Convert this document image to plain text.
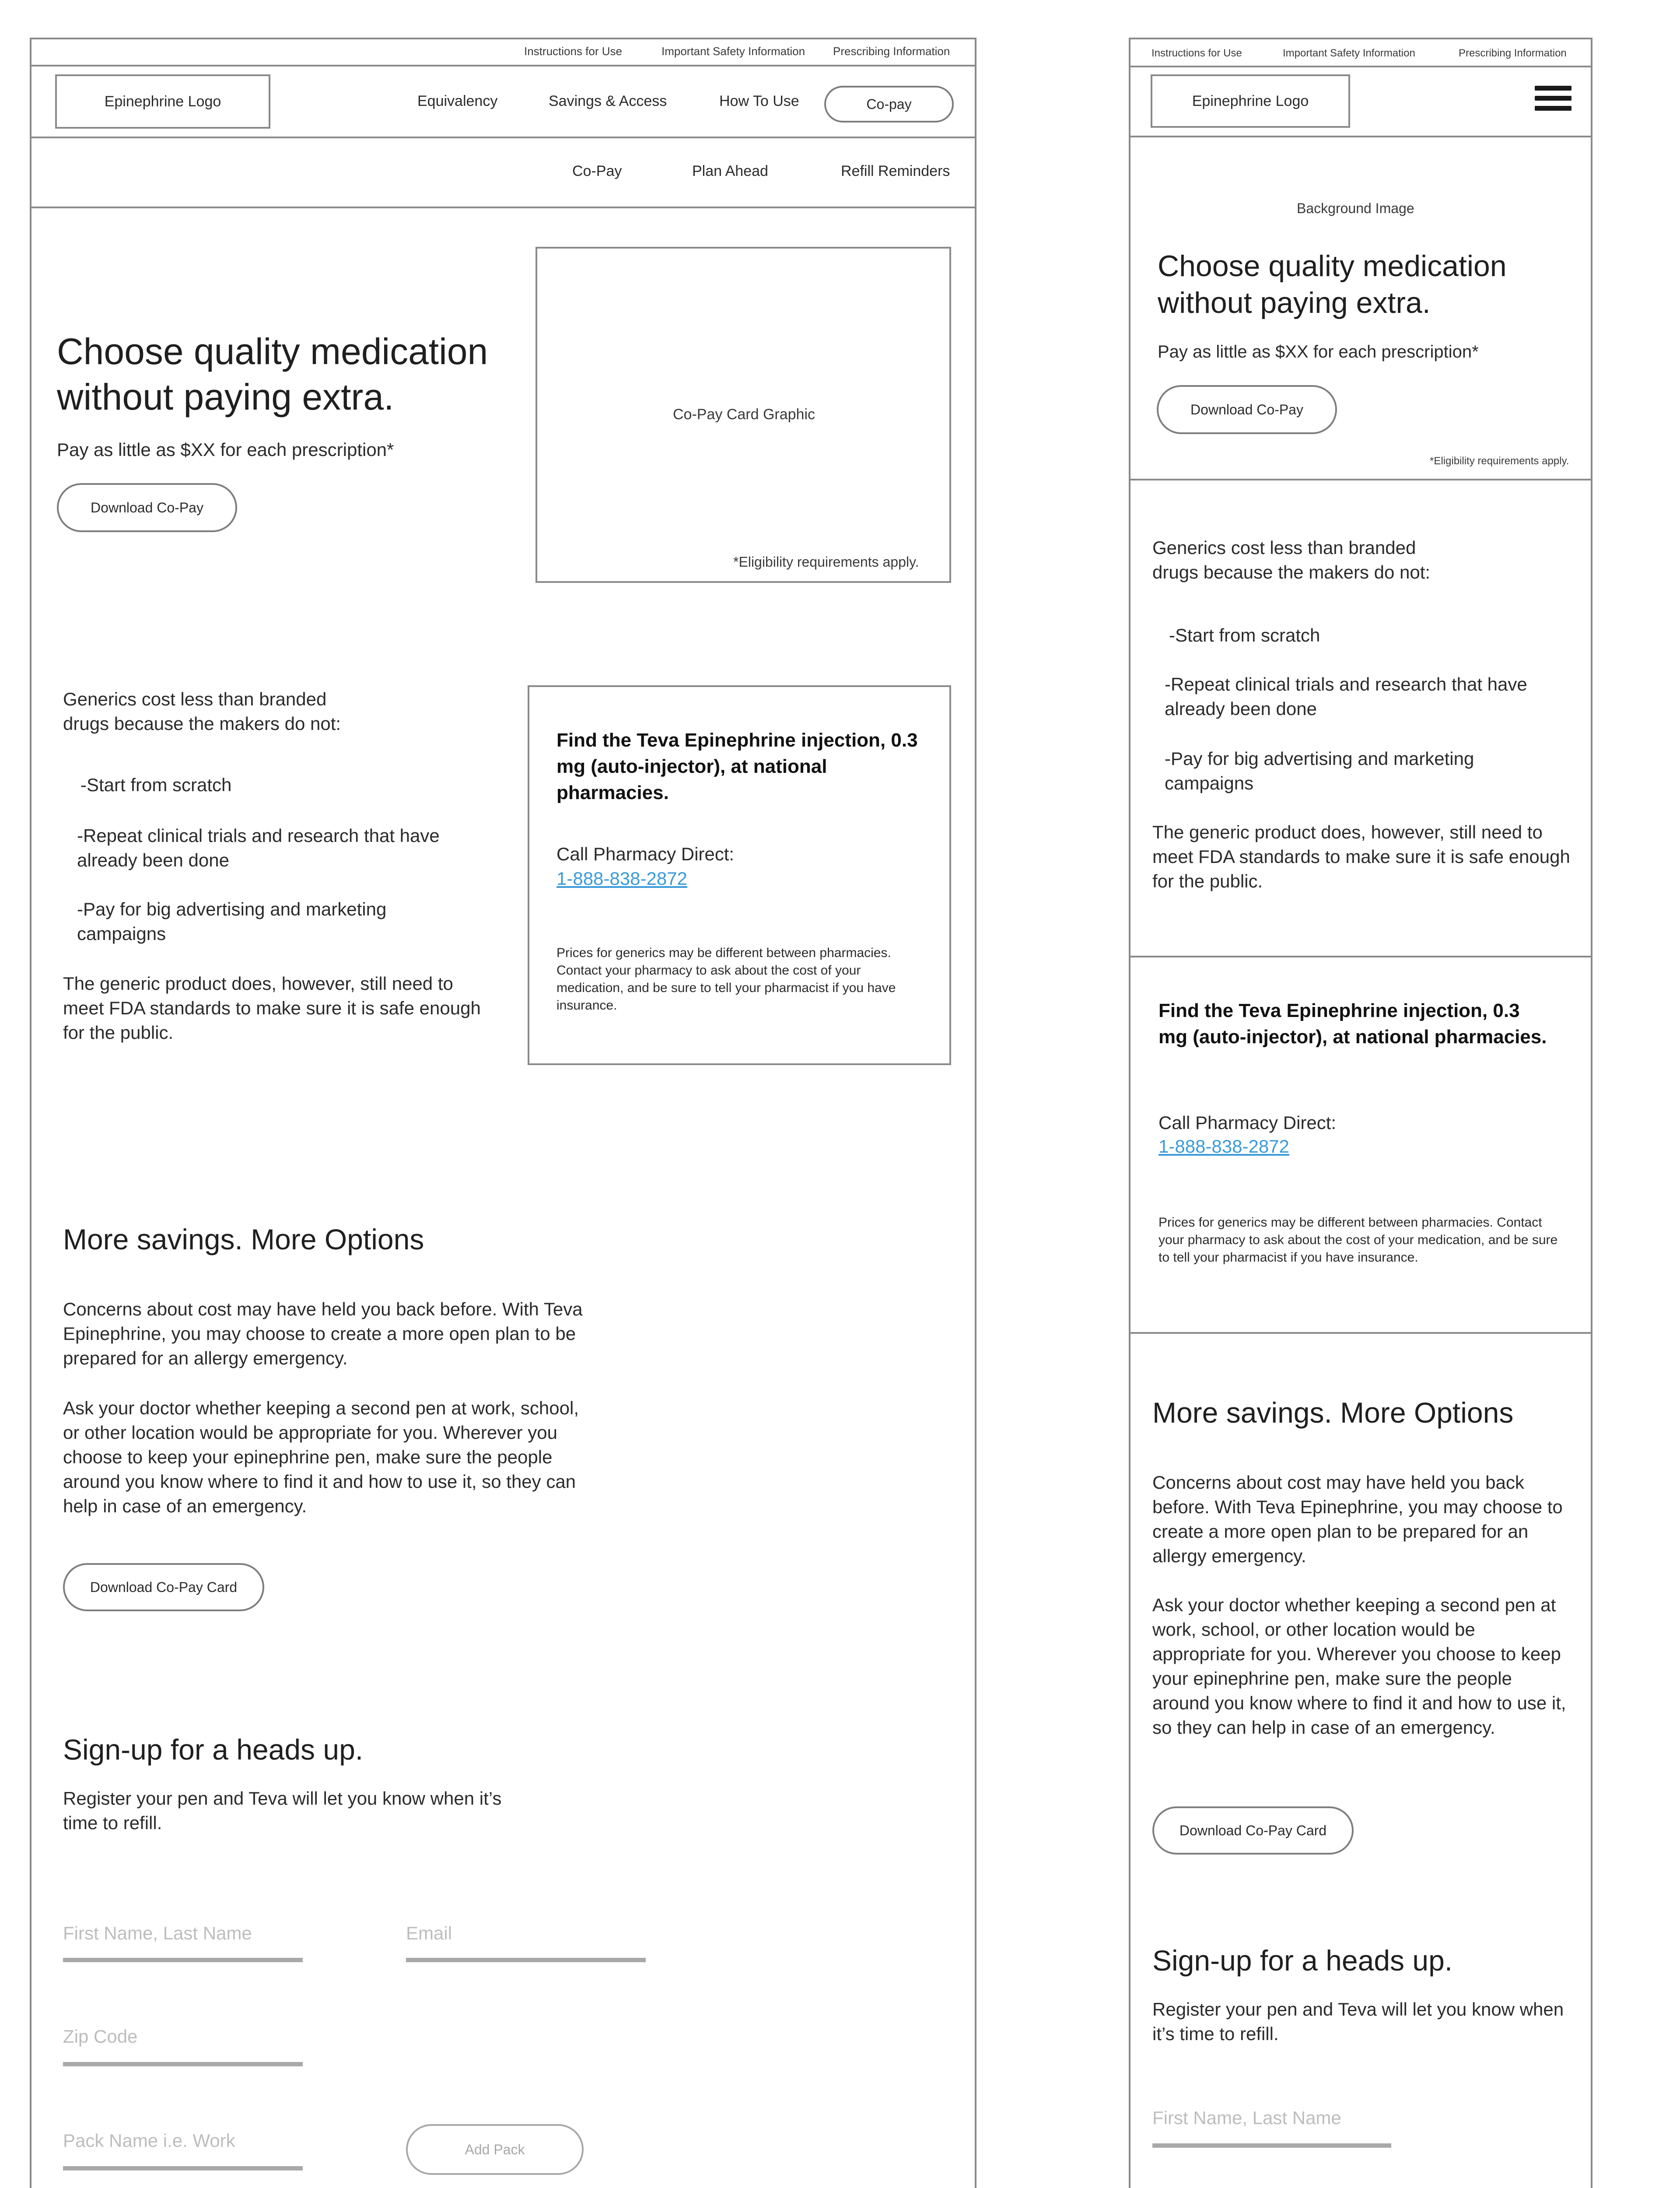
Instructions for Use	Important Safety Information Prescribing Information
Epinephrine Logo	Equivalency	Savings & Access	How To Use	Co-pay
Co-Pay	Plan Ahead	Refill Reminders
Choose quality medication
without paying extra.

Pay as little as $XX for each prescription*

Download Co-Pay
Co-Pay Card Graphic
*Eligibility requirements apply.

Generics cost less than branded

drugs because the makers do not:

-Start from scratch

-Repeat clinical trials and research that have already been done

-Pay for big advertising and marketing campaigns

The generic product does, however, still need to meet FDA standards to make sure it is safe enough for the public.

Find the Teva Epinephrine injection, 0.3 mg (auto-injector), at national pharmacies.

Call Pharmacy Direct:

1-888-838-2872

Prices for generics may be different between pharmacies. Contact your pharmacy to ask about the cost of your medication, and be sure to tell your pharmacist if you have insurance.

More savings. More Options

Concerns about cost may have held you back before. With Teva Epinephrine, you may choose to create a more open plan to be prepared for an allergy emergency.

Ask your doctor whether keeping a second pen at work, school, or other location would be appropriate for you. Wherever you choose to keep your epinephrine pen, make sure the people around you know where to find it and how to use it, so they can help in case of an emergency.

Download Co-Pay Card
Sign-up for a heads up.

Register your pen and Teva will let you know when it’s time to refill.

First Name, Last Name	Email
Zip Code
Pack Name i.e. Work	Add Pack
Instructions for Use	Important Safety Information	Prescribing Information
Epinephrine Logo
Background Image
Choose quality medication
without paying extra.

Pay as little as $XX for each prescription*

Download Co-Pay
*Eligibility requirements apply.

Generics cost less than branded

drugs because the makers do not:

-Start from scratch

-Repeat clinical trials and research that have already been done

-Pay for big advertising and marketing campaigns

The generic product does, however, still need to meet FDA standards to make sure it is safe enough for the public.

Find the Teva Epinephrine injection, 0.3 mg (auto-injector), at national pharmacies.

Call Pharmacy Direct:

1-888-838-2872

Prices for generics may be different between pharmacies. Contact your pharmacy to ask about the cost of your medication, and be sure to tell your pharmacist if you have insurance.

More savings. More Options

Concerns about cost may have held you back before. With Teva Epinephrine, you may choose to create a more open plan to be prepared for an allergy emergency.

Ask your doctor whether keeping a second pen at work, school, or other location would be appropriate for you. Wherever you choose to keep your epinephrine pen, make sure the people around you know where to find it and how to use it, so they can help in case of an emergency.

Download Co-Pay Card
Sign-up for a heads up.

Register your pen and Teva will let you know when it’s time to refill.

First Name, Last Name
